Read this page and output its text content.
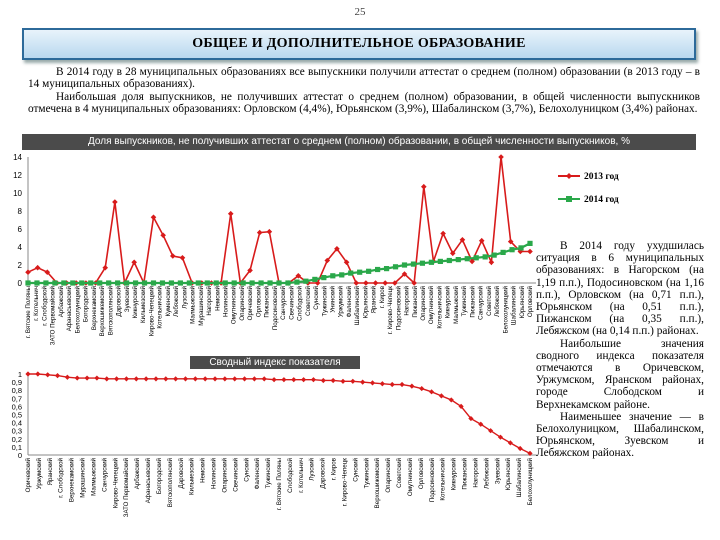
25
ОБЩЕЕ И ДОПОЛНИТЕЛЬНОЕ ОБРАЗОВАНИЕ

В 2014 году в 28 муниципальных образованиях все выпускники получили аттестат о среднем (полном) образовании (в 2013 году – в 14 муниципальных образованиях).

Наибольшая доля выпускников, не получивших аттестат о среднем (полном) образовании, в общей численности выпускников отмечена в 4 муниципальных образованиях: Орловском (4,4%), Юрьянском (3,9%), Шабалинском (3,7%), Белохолуницком (3,4%) районах.

Доля выпускников, не получивших аттестат о среднем (полном) образовании, в общей численности выпускников, %
Сводный индекс показателя
0
2
4
6
8
10
12
14
2013 год
2014 год
г. Вятские Поляны г. Котельнич г. Слободской ЗАТО Первомайский Арбажский Афанасьевский Белохолуницкий Богородский Верхнекамский Верхошижемский Вятскополянский Даровской Зуевский Кикнурский Кильмезский Кирово-Чепецкий Котельничский Куменский Лебяжский Лузский Малмыжский Мурашинский Нагорский Немский Нолинский Омутнинский Опаринский Оричевский Орловский Пижанский Подосиновский Санчурский Свечинский Слободской Советский Сунский Тужинский Унинский Уржумский Фаленский Шабалинский Юрьянский Яранский г. Киров г. Кирово-Чепецк Подосиновский Нагорский Пижанский Опаринский Омутнинский Котельничский Кикнурский Малмыжский Тужинский Пижанский Санчурский Советский Лебяжский Белохолуницкий Шабалинский Юрьянский Орловский
0
0,1
0,2
0,3
0,4
0,5
0,6
0,7
0,8
0,9
1
Оричевский Уржумский Яранский г. Слободской Верхнекамский Мурашинский Малмыжский Санчурский Кирово-Чепецкий ЗАТО Первомайский Арбажский Афанасьевский Богородский Вятскополянский Даровской Кильмезский Немский Нолинский Опаринский Свечинский Сунский Фаленский Тужинский г. Вятские Поляны Слободской г. Котельнич Лузский Даровской г. Киров г. Кирово-Чепецк Сунский Тужинский Верхошижемский Опаринский Советский Омутнинский Орловский Подосиновский Котельничский Кикнурский Пижанский Нагорский Лебяжский Зуевский Юрьянский Шабалинский Белохолуницкий

В 2014 году ухудшилась ситуация в 6 муниципальных образованиях: в Нагорском (на 1,19 п.п.), Подосиновском (на 1,16 п.п.), Орловском (на 0,71 п.п.), Юрьянском (на 0,51 п.п.), Пижанском (на 0,35 п.п.), Лебяжском (на 0,14 п.п.) районах.

Наибольшие значения сводного индекса показателя отмечаются в Оричевском, Уржумском, Яранском районах, городе Слободском и Верхнекамском районе.

Наименьшее значение — в Белохолуницком, Шабалинском, Юрьянском, Зуевском и Лебяжском районах.
